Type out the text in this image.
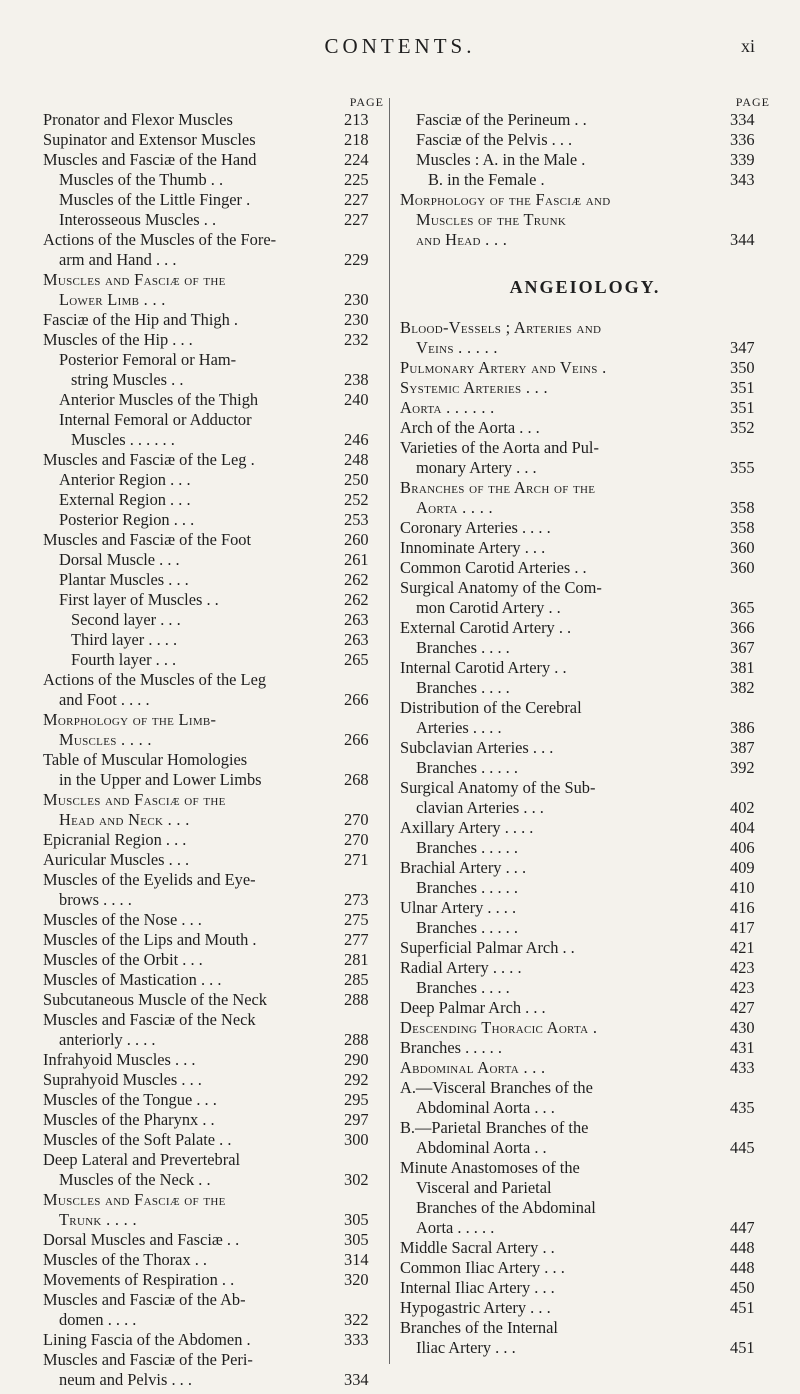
CONTENTS.	xi
PAGE
Pronator and Flexor Muscles	213
Supinator and Extensor Muscles	218
Muscles and Fasciæ of the Hand	224
Muscles of the Thumb . .	225
Muscles of the Little Finger .	227
Interosseous Muscles . .	227
Actions of the Muscles of the Fore-
arm and Hand . . .	229
Muscles and Fasciæ of the
Lower Limb . . .	230
Fasciæ of the Hip and Thigh .	230
Muscles of the Hip . . .	232
Posterior Femoral or Ham-
string Muscles . .	238
Anterior Muscles of the Thigh	240
Internal Femoral or Adductor
Muscles . . . . . .	246
Muscles and Fasciæ of the Leg .	248
Anterior Region . . .	250
External Region . . .	252
Posterior Region . . .	253
Muscles and Fasciæ of the Foot	260
Dorsal Muscle . . .	261
Plantar Muscles . . .	262
First layer of Muscles . .	262
Second layer . . .	263
Third layer . . . .	263
Fourth layer . . .	265
Actions of the Muscles of the Leg
and Foot . . . .	266
Morphology of the Limb-
Muscles . . . .	266
Table of Muscular Homologies
in the Upper and Lower Limbs	268
Muscles and Fasciæ of the
Head and Neck . . .	270
Epicranial Region . . .	270
Auricular Muscles . . .	271
Muscles of the Eyelids and Eye-
brows . . . .	273
Muscles of the Nose . . .	275
Muscles of the Lips and Mouth .	277
Muscles of the Orbit . . .	281
Muscles of Mastication . . .	285
Subcutaneous Muscle of the Neck	288
Muscles and Fasciæ of the Neck
anteriorly . . . .	288
Infrahyoid Muscles . . .	290
Suprahyoid Muscles . . .	292
Muscles of the Tongue . . .	295
Muscles of the Pharynx . .	297
Muscles of the Soft Palate . .	300
Deep Lateral and Prevertebral
Muscles of the Neck . .	302
Muscles and Fasciæ of the
Trunk . . . .	305
Dorsal Muscles and Fasciæ . .	305
Muscles of the Thorax . .	314
Movements of Respiration . .	320
Muscles and Fasciæ of the Ab-
domen . . . .	322
Lining Fascia of the Abdomen .	333
Muscles and Fasciæ of the Peri-
neum and Pelvis . . .	334
PAGE
Fasciæ of the Perineum . .	334
Fasciæ of the Pelvis . . .	336
Muscles : A. in the Male .	339
B. in the Female .	343
Morphology of the Fasciæ and
Muscles of the Trunk
and Head . . .	344
ANGEIOLOGY.
Blood-Vessels ; Arteries and
Veins . . . . .	347
Pulmonary Artery and Veins .	350
Systemic Arteries . . .	351
Aorta . . . . . .	351
Arch of the Aorta . . .	352
Varieties of the Aorta and Pul-
monary Artery . . .	355
Branches of the Arch of the
Aorta . . . .	358
Coronary Arteries . . . .	358
Innominate Artery . . .	360
Common Carotid Arteries . .	360
Surgical Anatomy of the Com-
mon Carotid Artery . .	365
External Carotid Artery . .	366
Branches . . . .	367
Internal Carotid Artery . .	381
Branches . . . .	382
Distribution of the Cerebral
Arteries . . . .	386
Subclavian Arteries . . .	387
Branches . . . . .	392
Surgical Anatomy of the Sub-
clavian Arteries . . .	402
Axillary Artery . . . .	404
Branches . . . . .	406
Brachial Artery . . .	409
Branches . . . . .	410
Ulnar Artery . . . .	416
Branches . . . . .	417
Superficial Palmar Arch . .	421
Radial Artery . . . .	423
Branches . . . .	423
Deep Palmar Arch . . .	427
Descending Thoracic Aorta .	430
Branches . . . . .	431
Abdominal Aorta . . .	433
A.—Visceral Branches of the
Abdominal Aorta . . .	435
B.—Parietal Branches of the
Abdominal Aorta . .	445
Minute Anastomoses of the
Visceral and Parietal
Branches of the Abdominal
Aorta . . . . .	447
Middle Sacral Artery . .	448
Common Iliac Artery . . .	448
Internal Iliac Artery . . .	450
Hypogastric Artery . . .	451
Branches of the Internal
Iliac Artery . . .	451
